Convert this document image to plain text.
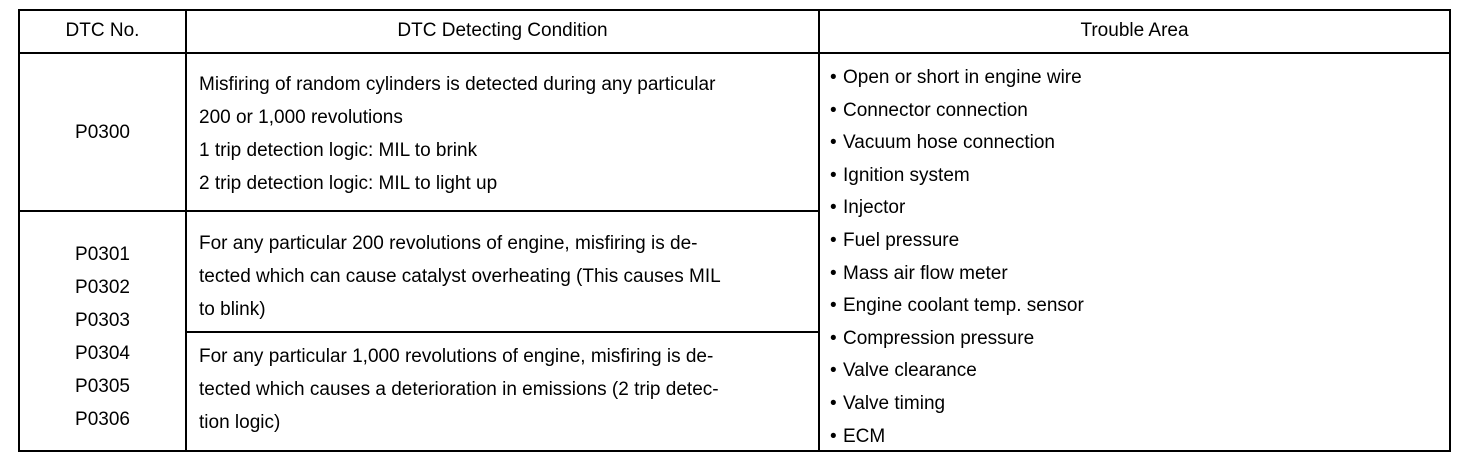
DTC No.	DTC Detecting Condition	Trouble Area
P0300
Misfiring of random cylinders is detected during any particular
200 or 1,000 revolutions
1 trip detection logic: MIL to brink
2 trip detection logic: MIL to light up
P0301
P0302
P0303
P0304
P0305
P0306
For any particular 200 revolutions of engine, misfiring is de-
tected which can cause catalyst overheating (This causes MIL
to blink)
For any particular 1,000 revolutions of engine, misfiring is de-
tected which causes a deterioration in emissions (2 trip detec-
tion logic)
• Open or short in engine wire
• Connector connection
• Vacuum hose connection
• Ignition system
• Injector
• Fuel pressure
• Mass air flow meter
• Engine coolant temp. sensor
• Compression pressure
• Valve clearance
• Valve timing
• ECM
